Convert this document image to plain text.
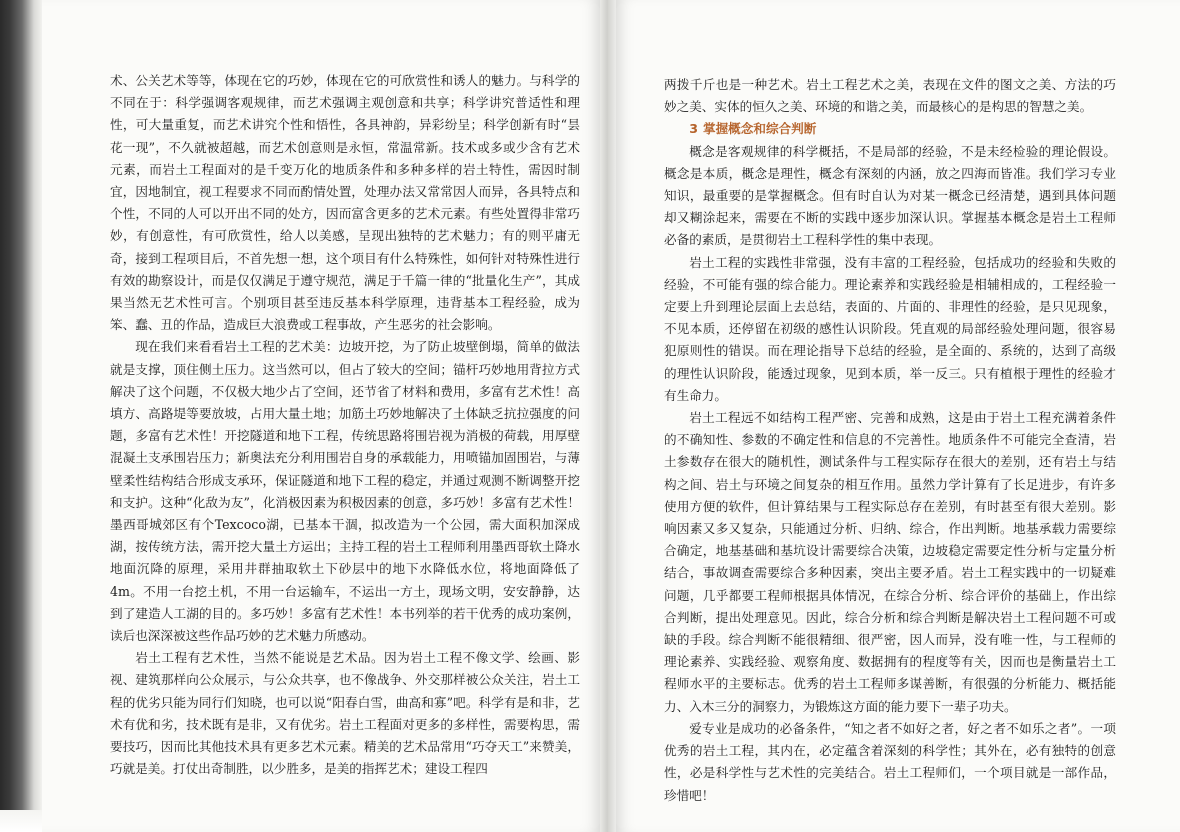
术、公关艺术等等，体现在它的巧妙，体现在它的可欣赏性和诱人的魅力。与科学的不同在于：科学强调客观规律，而艺术强调主观创意和共享；科学讲究普适性和理性，可大量重复，而艺术讲究个性和悟性，各具神韵，异彩纷呈；科学创新有时“昙花一现”，不久就被超越，而艺术创意则是永恒，常温常新。技术或多或少含有艺术元素，而岩土工程面对的是千变万化的地质条件和多种多样的岩土特性，需因时制宜，因地制宜，视工程要求不同而酌情处置，处理办法又常常因人而异，各具特点和个性，不同的人可以开出不同的处方，因而富含更多的艺术元素。有些处置得非常巧妙，有创意性，有可欣赏性，给人以美感，呈现出独特的艺术魅力；有的则平庸无奇，接到工程项目后，不首先想一想，这个项目有什么特殊性，如何针对特殊性进行有效的勘察设计，而是仅仅满足于遵守规范，满足于千篇一律的“批量化生产”，其成果当然无艺术性可言。个别项目甚至违反基本科学原理，违背基本工程经验，成为笨、蠢、丑的作品，造成巨大浪费或工程事故，产生恶劣的社会影响。

现在我们来看看岩土工程的艺术美：边坡开挖，为了防止坡壁倒塌，简单的做法就是支撑，顶住侧土压力。这当然可以，但占了较大的空间；锚杆巧妙地用背拉方式解决了这个问题，不仅极大地少占了空间，还节省了材料和费用，多富有艺术性！高填方、高路堤等要放坡，占用大量土地；加筋土巧妙地解决了土体缺乏抗拉强度的问题，多富有艺术性！开挖隧道和地下工程，传统思路将围岩视为消极的荷载，用厚壁混凝土支承围岩压力；新奥法充分利用围岩自身的承载能力，用喷锚加固围岩，与薄壁柔性结构结合形成支承环，保证隧道和地下工程的稳定，并通过观测不断调整开挖和支护。这种“化敌为友”，化消极因素为积极因素的创意，多巧妙！多富有艺术性！墨西哥城郊区有个Texcoco湖，已基本干涸，拟改造为一个公园，需大面积加深成湖，按传统方法，需开挖大量土方运出；主持工程的岩土工程师利用墨西哥软土降水地面沉降的原理，采用井群抽取软土下砂层中的地下水降低水位，将地面降低了4m。不用一台挖土机，不用一台运输车，不运出一方土，现场文明，安安静静，达到了建造人工湖的目的。多巧妙！多富有艺术性！本书列举的若干优秀的成功案例，读后也深深被这些作品巧妙的艺术魅力所感动。

岩土工程有艺术性，当然不能说是艺术品。因为岩土工程不像文学、绘画、影视、建筑那样向公众展示，与公众共享，也不像战争、外交那样被公众关注，岩土工程的优劣只能为同行们知晓，也可以说“阳春白雪，曲高和寡”吧。科学有是和非，艺术有优和劣，技术既有是非，又有优劣。岩土工程面对更多的多样性，需要构思，需要技巧，因而比其他技术具有更多艺术元素。精美的艺术品常用“巧夺天工”来赞美，巧就是美。打仗出奇制胜，以少胜多，是美的指挥艺术；建设工程四

两拨千斤也是一种艺术。岩土工程艺术之美，表现在文件的图文之美、方法的巧妙之美、实体的恒久之美、环境的和谐之美，而最核心的是构思的智慧之美。

3 掌握概念和综合判断

概念是客观规律的科学概括，不是局部的经验，不是未经检验的理论假设。概念是本质，概念是理性，概念有深刻的内涵，放之四海而皆准。我们学习专业知识，最重要的是掌握概念。但有时自认为对某一概念已经清楚，遇到具体问题却又糊涂起来，需要在不断的实践中逐步加深认识。掌握基本概念是岩土工程师必备的素质，是贯彻岩土工程科学性的集中表现。

岩土工程的实践性非常强，没有丰富的工程经验，包括成功的经验和失败的经验，不可能有强的综合能力。理论素养和实践经验是相辅相成的，工程经验一定要上升到理论层面上去总结，表面的、片面的、非理性的经验，是只见现象，不见本质，还停留在初级的感性认识阶段。凭直观的局部经验处理问题，很容易犯原则性的错误。而在理论指导下总结的经验，是全面的、系统的，达到了高级的理性认识阶段，能透过现象，见到本质，举一反三。只有植根于理性的经验才有生命力。

岩土工程远不如结构工程严密、完善和成熟，这是由于岩土工程充满着条件的不确知性、参数的不确定性和信息的不完善性。地质条件不可能完全查清，岩土参数存在很大的随机性，测试条件与工程实际存在很大的差别，还有岩土与结构之间、岩土与环境之间复杂的相互作用。虽然力学计算有了长足进步，有许多使用方便的软件，但计算结果与工程实际总存在差别，有时甚至有很大差别。影响因素又多又复杂，只能通过分析、归纳、综合，作出判断。地基承载力需要综合确定，地基基础和基坑设计需要综合决策，边坡稳定需要定性分析与定量分析结合，事故调查需要综合多种因素，突出主要矛盾。岩土工程实践中的一切疑难问题，几乎都要工程师根据具体情况，在综合分析、综合评价的基础上，作出综合判断，提出处理意见。因此，综合分析和综合判断是解决岩土工程问题不可或缺的手段。综合判断不能很精细、很严密，因人而异，没有唯一性，与工程师的理论素养、实践经验、观察角度、数据拥有的程度等有关，因而也是衡量岩土工程师水平的主要标志。优秀的岩土工程师多谋善断，有很强的分析能力、概括能力、入木三分的洞察力，为锻炼这方面的能力要下一辈子功夫。

爱专业是成功的必备条件，“知之者不如好之者，好之者不如乐之者”。一项优秀的岩土工程，其内在，必定蕴含着深刻的科学性；其外在，必有独特的创意性，必是科学性与艺术性的完美结合。岩土工程师们，一个项目就是一部作品，珍惜吧！
